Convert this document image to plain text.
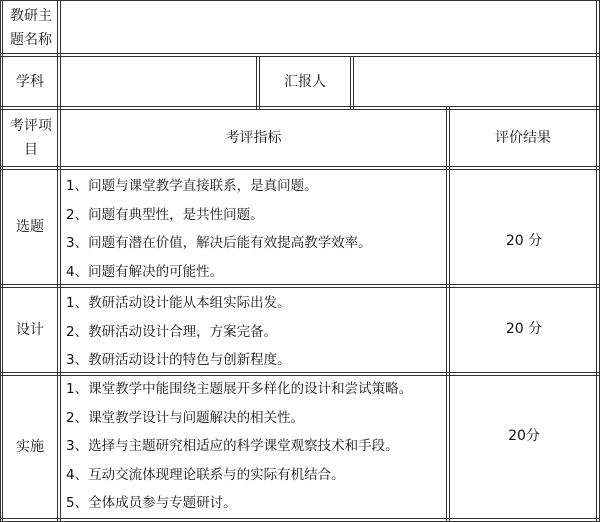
教研主题名称
学科	汇报人
考评项目
考评指标	评价结果
选题
1、问题与课堂教学直接联系，是真问题。
2、问题有典型性，是共性问题。
3、问题有潜在价值，解决后能有效提高教学效率。
4、问题有解决的可能性。
20 分
设计
1、教研活动设计能从本组实际出发。
2、教研活动设计合理，方案完备。
3、教研活动设计的特色与创新程度。
20 分
实施
1、课堂教学中能围绕主题展开多样化的设计和尝试策略。
2、课堂教学设计与问题解决的相关性。
3、选择与主题研究相适应的科学课堂观察技术和手段。
4、互动交流体现理论联系与的实际有机结合。
5、全体成员参与专题研讨。
20分
